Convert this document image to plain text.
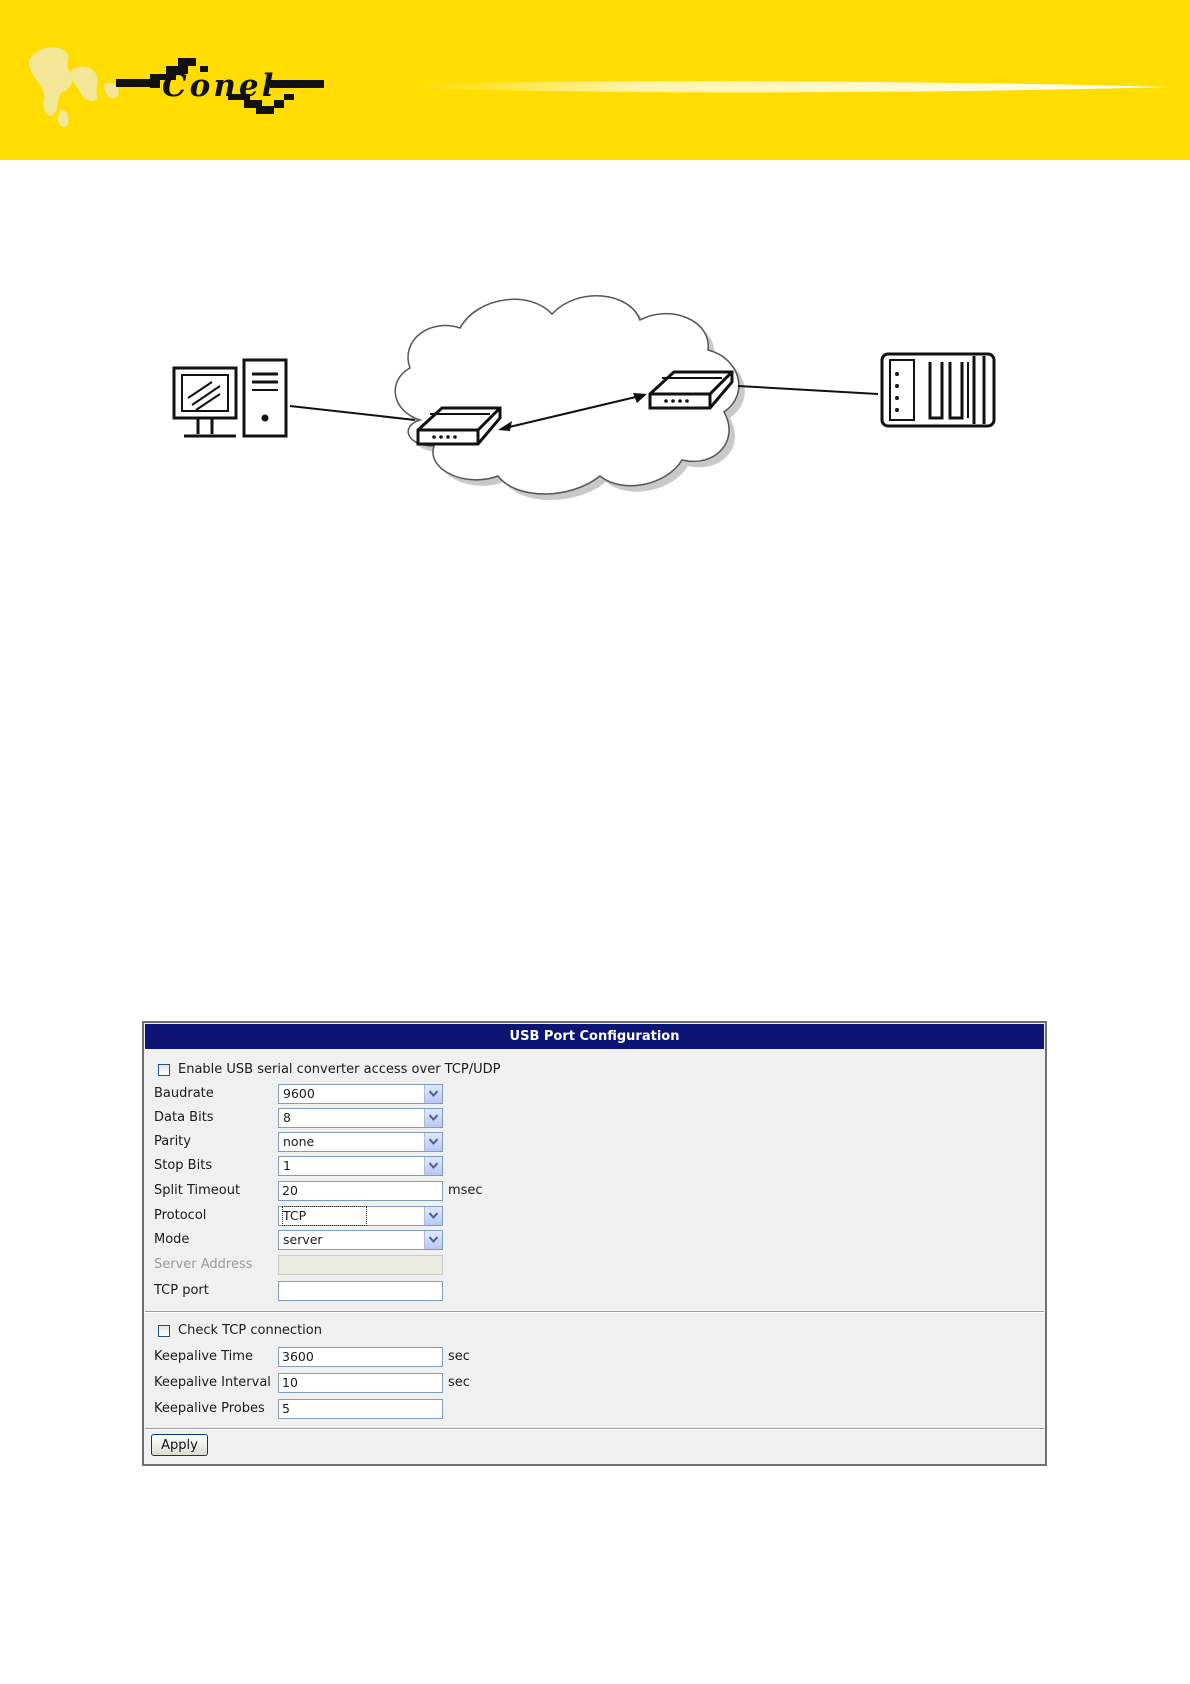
Conel
USB Port Configuration
Enable USB serial converter access over TCP/UDP
Baudrate	9600
Data Bits	8
Parity	none
Stop Bits	1
Split Timeout	20	msec
Protocol	TCP
Mode	server
Server Address
TCP port
Check TCP connection
Keepalive Time	3600	sec
Keepalive Interval 10	sec
Keepalive Probes	5
Apply
